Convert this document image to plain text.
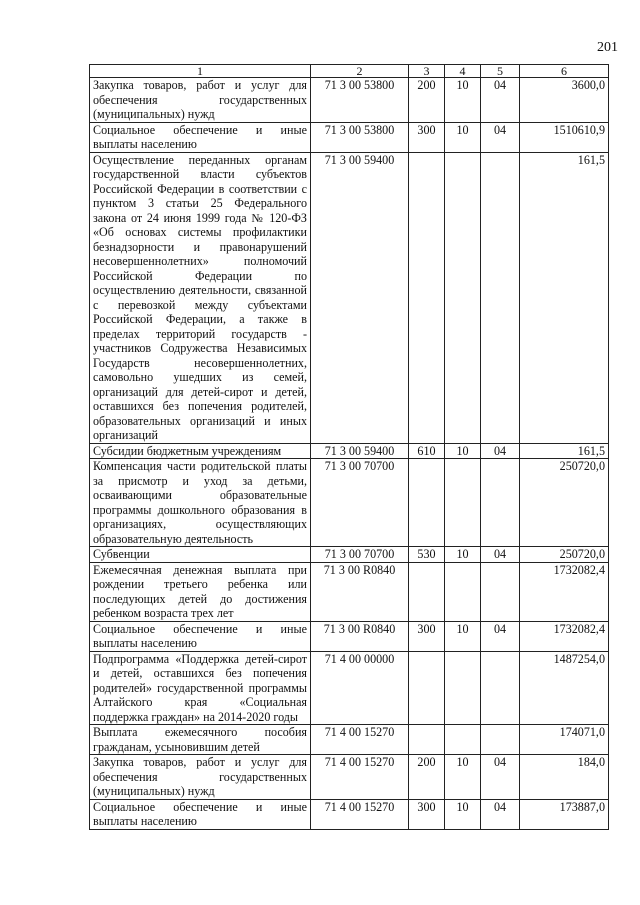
201
1	2	3	4	5	6
Закупка товаров, работ и услуг для обеспечения государственных (муниципальных) нужд	71 3 00 53800	200	10	04	3600,0
Социальное обеспечение и иные выплаты населению	71 3 00 53800	300	10	04	1510610,9
Осуществление переданных органам государственной власти субъектов Российской Федерации в соответствии с пунктом 3 статьи 25 Федерального закона от 24 июня 1999 года № 120-ФЗ «Об основах системы профилактики безнадзорности и правонарушений несовершеннолетних» полномочий Российской Федерации по осуществлению деятельности, связанной с перевозкой между субъектами Российской Федерации, а также в пределах территорий государств - участников Содружества Независимых Государств несовершеннолетних, самовольно ушедших из семей, организаций для детей-сирот и детей, оставшихся без попечения родителей, образовательных организаций и иных организаций	71 3 00 59400				161,5
Субсидии бюджетным учреждениям	71 3 00 59400	610	10	04	161,5
Компенсация части родительской платы за присмотр и уход за детьми, осваивающими образовательные программы дошкольного образования в организациях, осуществляющих образовательную деятельность	71 3 00 70700				250720,0
Субвенции	71 3 00 70700	530	10	04	250720,0
Ежемесячная денежная выплата при рождении третьего ребенка или последующих детей до достижения ребенком возраста трех лет	71 3 00 R0840				1732082,4
Социальное обеспечение и иные выплаты населению	71 3 00 R0840	300	10	04	1732082,4
Подпрограмма «Поддержка детей-сирот и детей, оставшихся без попечения родителей» государственной программы Алтайского края «Социальная поддержка граждан» на 2014-2020 годы	71 4 00 00000				1487254,0
Выплата ежемесячного пособия гражданам, усыновившим детей	71 4 00 15270				174071,0
Закупка товаров, работ и услуг для обеспечения государственных (муниципальных) нужд	71 4 00 15270	200	10	04	184,0
Социальное обеспечение и иные выплаты населению	71 4 00 15270	300	10	04	173887,0
